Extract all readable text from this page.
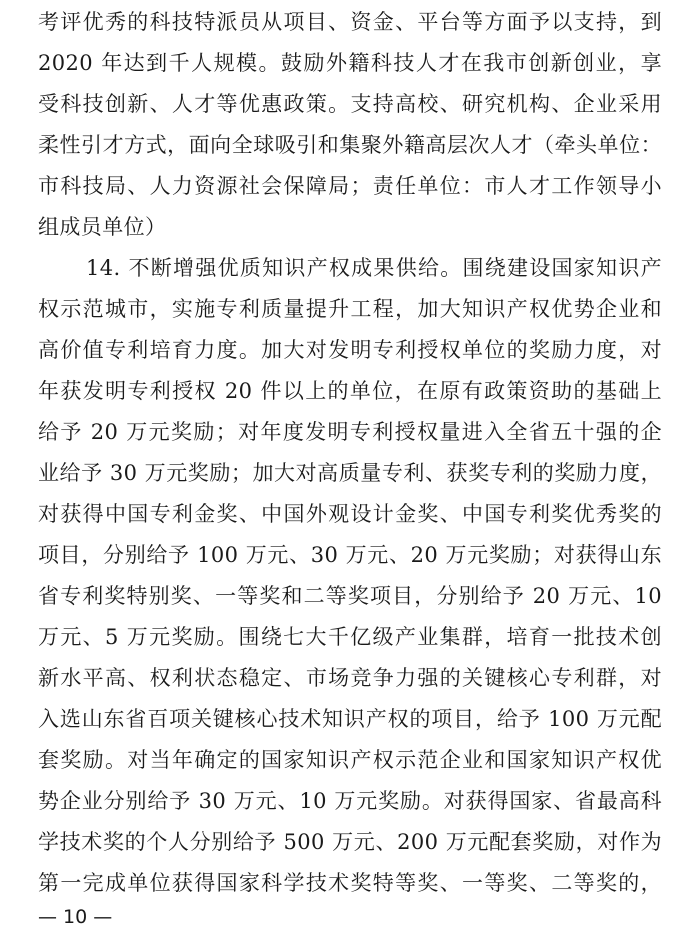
考评优秀的科技特派员从项目、资金、平台等方面予以支持，到
2020 年达到千人规模。鼓励外籍科技人才在我市创新创业，享
受科技创新、人才等优惠政策。支持高校、研究机构、企业采用
柔性引才方式，面向全球吸引和集聚外籍高层次人才（牵头单位：
市科技局、人力资源社会保障局；责任单位：市人才工作领导小
组成员单位）
14. 不断增强优质知识产权成果供给。围绕建设国家知识产
权示范城市，实施专利质量提升工程，加大知识产权优势企业和
高价值专利培育力度。加大对发明专利授权单位的奖励力度，对
年获发明专利授权 20 件以上的单位，在原有政策资助的基础上
给予 20 万元奖励；对年度发明专利授权量进入全省五十强的企
业给予 30 万元奖励；加大对高质量专利、获奖专利的奖励力度，
对获得中国专利金奖、中国外观设计金奖、中国专利奖优秀奖的
项目，分别给予 100 万元、30 万元、20 万元奖励；对获得山东
省专利奖特别奖、一等奖和二等奖项目，分别给予 20 万元、10
万元、5 万元奖励。围绕七大千亿级产业集群，培育一批技术创
新水平高、权利状态稳定、市场竞争力强的关键核心专利群，对
入选山东省百项关键核心技术知识产权的项目，给予 100 万元配
套奖励。对当年确定的国家知识产权示范企业和国家知识产权优
势企业分别给予 30 万元、10 万元奖励。对获得国家、省最高科
学技术奖的个人分别给予 500 万元、200 万元配套奖励，对作为
第一完成单位获得国家科学技术奖特等奖、一等奖、二等奖的，
— 10 —
